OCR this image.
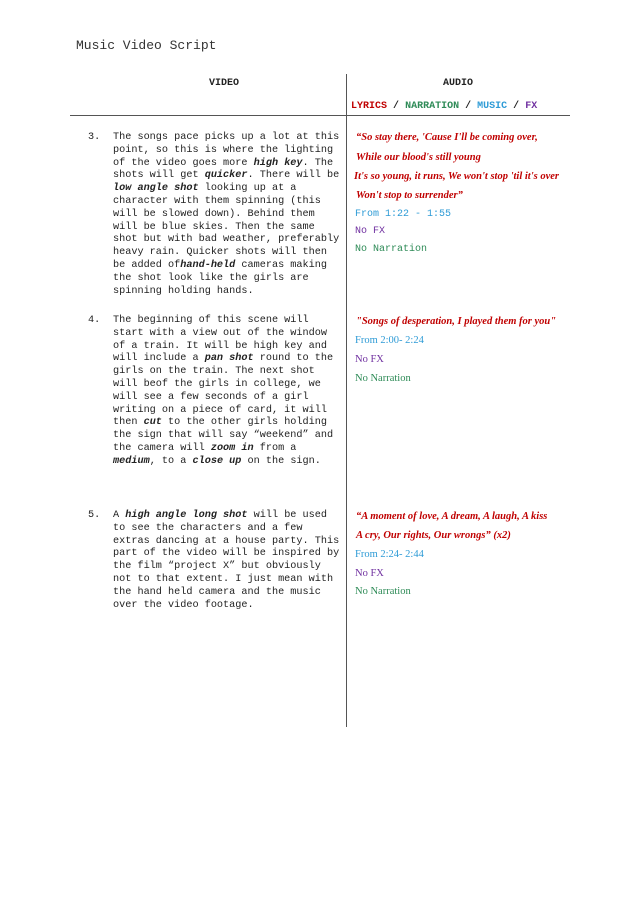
Music Video Script
VIDEO	AUDIO
LYRICS / NARRATION / MUSIC / FX
3. The songs pace picks up a lot at this point, so this is where the lighting of the video goes more high key. The shots will get quicker. There will be low angle shot looking up at a character with them spinning (this will be slowed down). Behind them will be blue skies. Then the same shot but with bad weather, preferably heavy rain. Quicker shots will then be added ofhand-held cameras making the shot look like the girls are spinning holding hands.
“So stay there, 'Cause I'll be coming over,
While our blood's still young
It's so young, it runs, We won't stop 'til it's over
Won't stop to surrender”
From 1:22 - 1:55
No FX
No Narration
4. The beginning of this scene will start with a view out of the window of a train. It will be high key and will include a pan shot round to the girls on the train. The next shot will beof the girls in college, we will see a few seconds of a girl writing on a piece of card, it will then cut to the other girls holding the sign that will say “weekend” and the camera will zoom in from a medium, to a close up on the sign.
"Songs of desperation, I played them for you"
From 2:00- 2:24
No FX
No Narration
5. A high angle long shot will be used to see the characters and a few extras dancing at a house party. This part of the video will be inspired by the film “project X” but obviously not to that extent. I just mean with the hand held camera and the music over the video footage.
“A moment of love, A dream, A laugh, A kiss
A cry, Our rights, Our wrongs” (x2)
From 2:24- 2:44
No FX
No Narration
